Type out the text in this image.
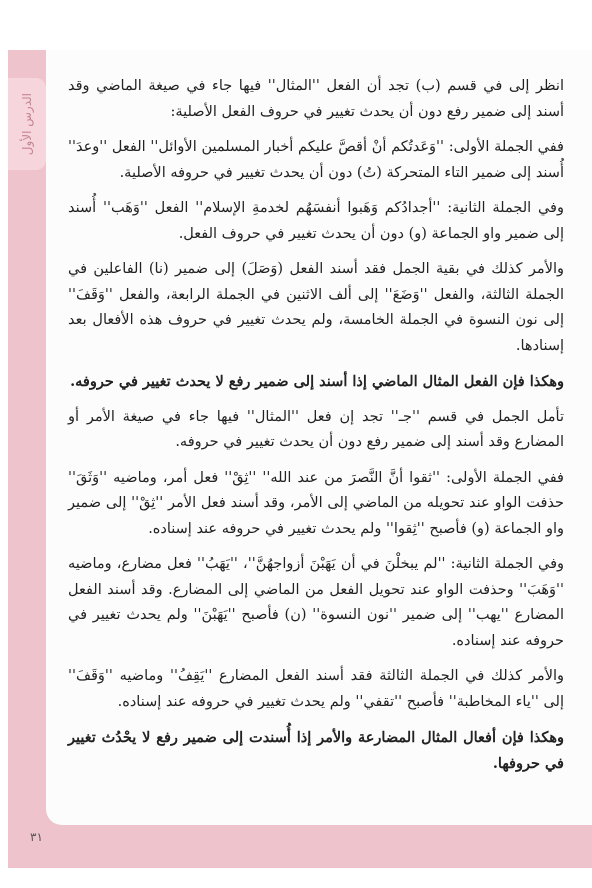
الدرس الأول

انظر إلى في قسم (ب) تجد أن الفعل ''المثال'' فيها جاء في صيغة الماضي وقد أسند إلى ضمير رفع دون أن يحدث تغيير في حروف الفعل الأصلية:

ففي الجملة الأولى: ''وَعَدتُكم أنْ أقصَّ عليكم أخبار المسلمين الأوائل'' الفعل ''وعدَ'' أُسند إلى ضمير التاء المتحركة (تُ) دون أن يحدث تغيير في حروفه الأصلية.

وفي الجملة الثانية: ''أجدادُكم وَهَبوا أنفسَهُم لخدمةِ الإسلام'' الفعل ''وَهَب'' أُسند إلى ضمير واو الجماعة (و) دون أن يحدث تغيير في حروف الفعل.

والأمر كذلك في بقية الجمل فقد أسند الفعل (وَصَلَ) إلى ضمير (نا) الفاعلين في الجملة الثالثة، والفعل ''وَضَعَ'' إلى ألف الاثنين في الجملة الرابعة، والفعل ''وَقَفَ'' إلى نون النسوة في الجملة الخامسة، ولم يحدث تغيير في حروف هذه الأفعال بعد إسنادها.

وهكذا فإن الفعل المثال الماضي إذا أسند إلى ضمير رفع لا يحدث تغيير في حروفه.

تأمل الجمل في قسم ''جـ'' تجد إن فعل ''المثال'' فيها جاء في صيغة الأمر أو المضارع وقد أسند إلى ضمير رفع دون أن يحدث تغيير في حروفه.

ففي الجملة الأولى: ''ثقوا أنَّ النَّصرَ من عند الله'' ''ثِقْ'' فعل أمر، وماضيه ''وَثَقَ'' حذفت الواو عند تحويله من الماضي إلى الأمر، وقد أسند فعل الأمر ''ثِقْ'' إلى ضمير واو الجماعة (و) فأصبح ''ثِقوا'' ولم يحدث تغيير في حروفه عند إسناده.

وفي الجملة الثانية: ''لم يبخلْنَ في أن يَهَبْنَ أزواجهُنَّ''، ''يَهَبُ'' فعل مضارع، وماضيه ''وَهَبَ'' وحذفت الواو عند تحويل الفعل من الماضي إلى المضارع. وقد أسند الفعل المضارع ''يهب'' إلى ضمير ''نون النسوة'' (ن) فأصبح ''يَهَبْنَ'' ولم يحدث تغيير في حروفه عند إسناده.

والأمر كذلك في الجملة الثالثة فقد أسند الفعل المضارع ''يَقِفُ'' وماضيه ''وَقَفَ'' إلى ''ياء المخاطبة'' فأصبح ''تقفي'' ولم يحدث تغيير في حروفه عند إسناده.

وهكذا فإن أفعال المثال المضارعة والأمر إذا أُسندت إلى ضمير رفع لا يحْدُث تغيير في حروفها.

٣١
